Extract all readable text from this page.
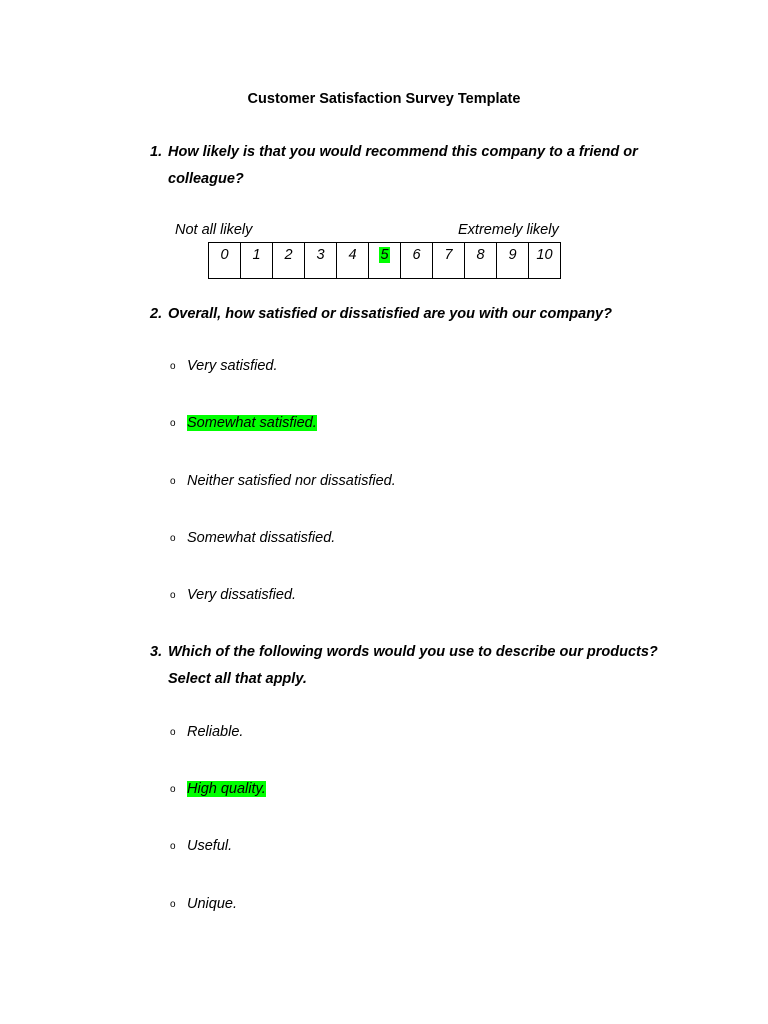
Customer Satisfaction Survey Template
1. How likely is that you would recommend this company to a friend or colleague?
Not all likely	Extremely likely
0	1	2	3	4	5	6	7	8	9	10
2. Overall, how satisfied or dissatisfied are you with our company?
o Very satisfied.
o Somewhat satisfied.
o Neither satisfied nor dissatisfied.
o Somewhat dissatisfied.
o Very dissatisfied.
3. Which of the following words would you use to describe our products? Select all that apply.
o Reliable.
o High quality.
o Useful.
o Unique.
